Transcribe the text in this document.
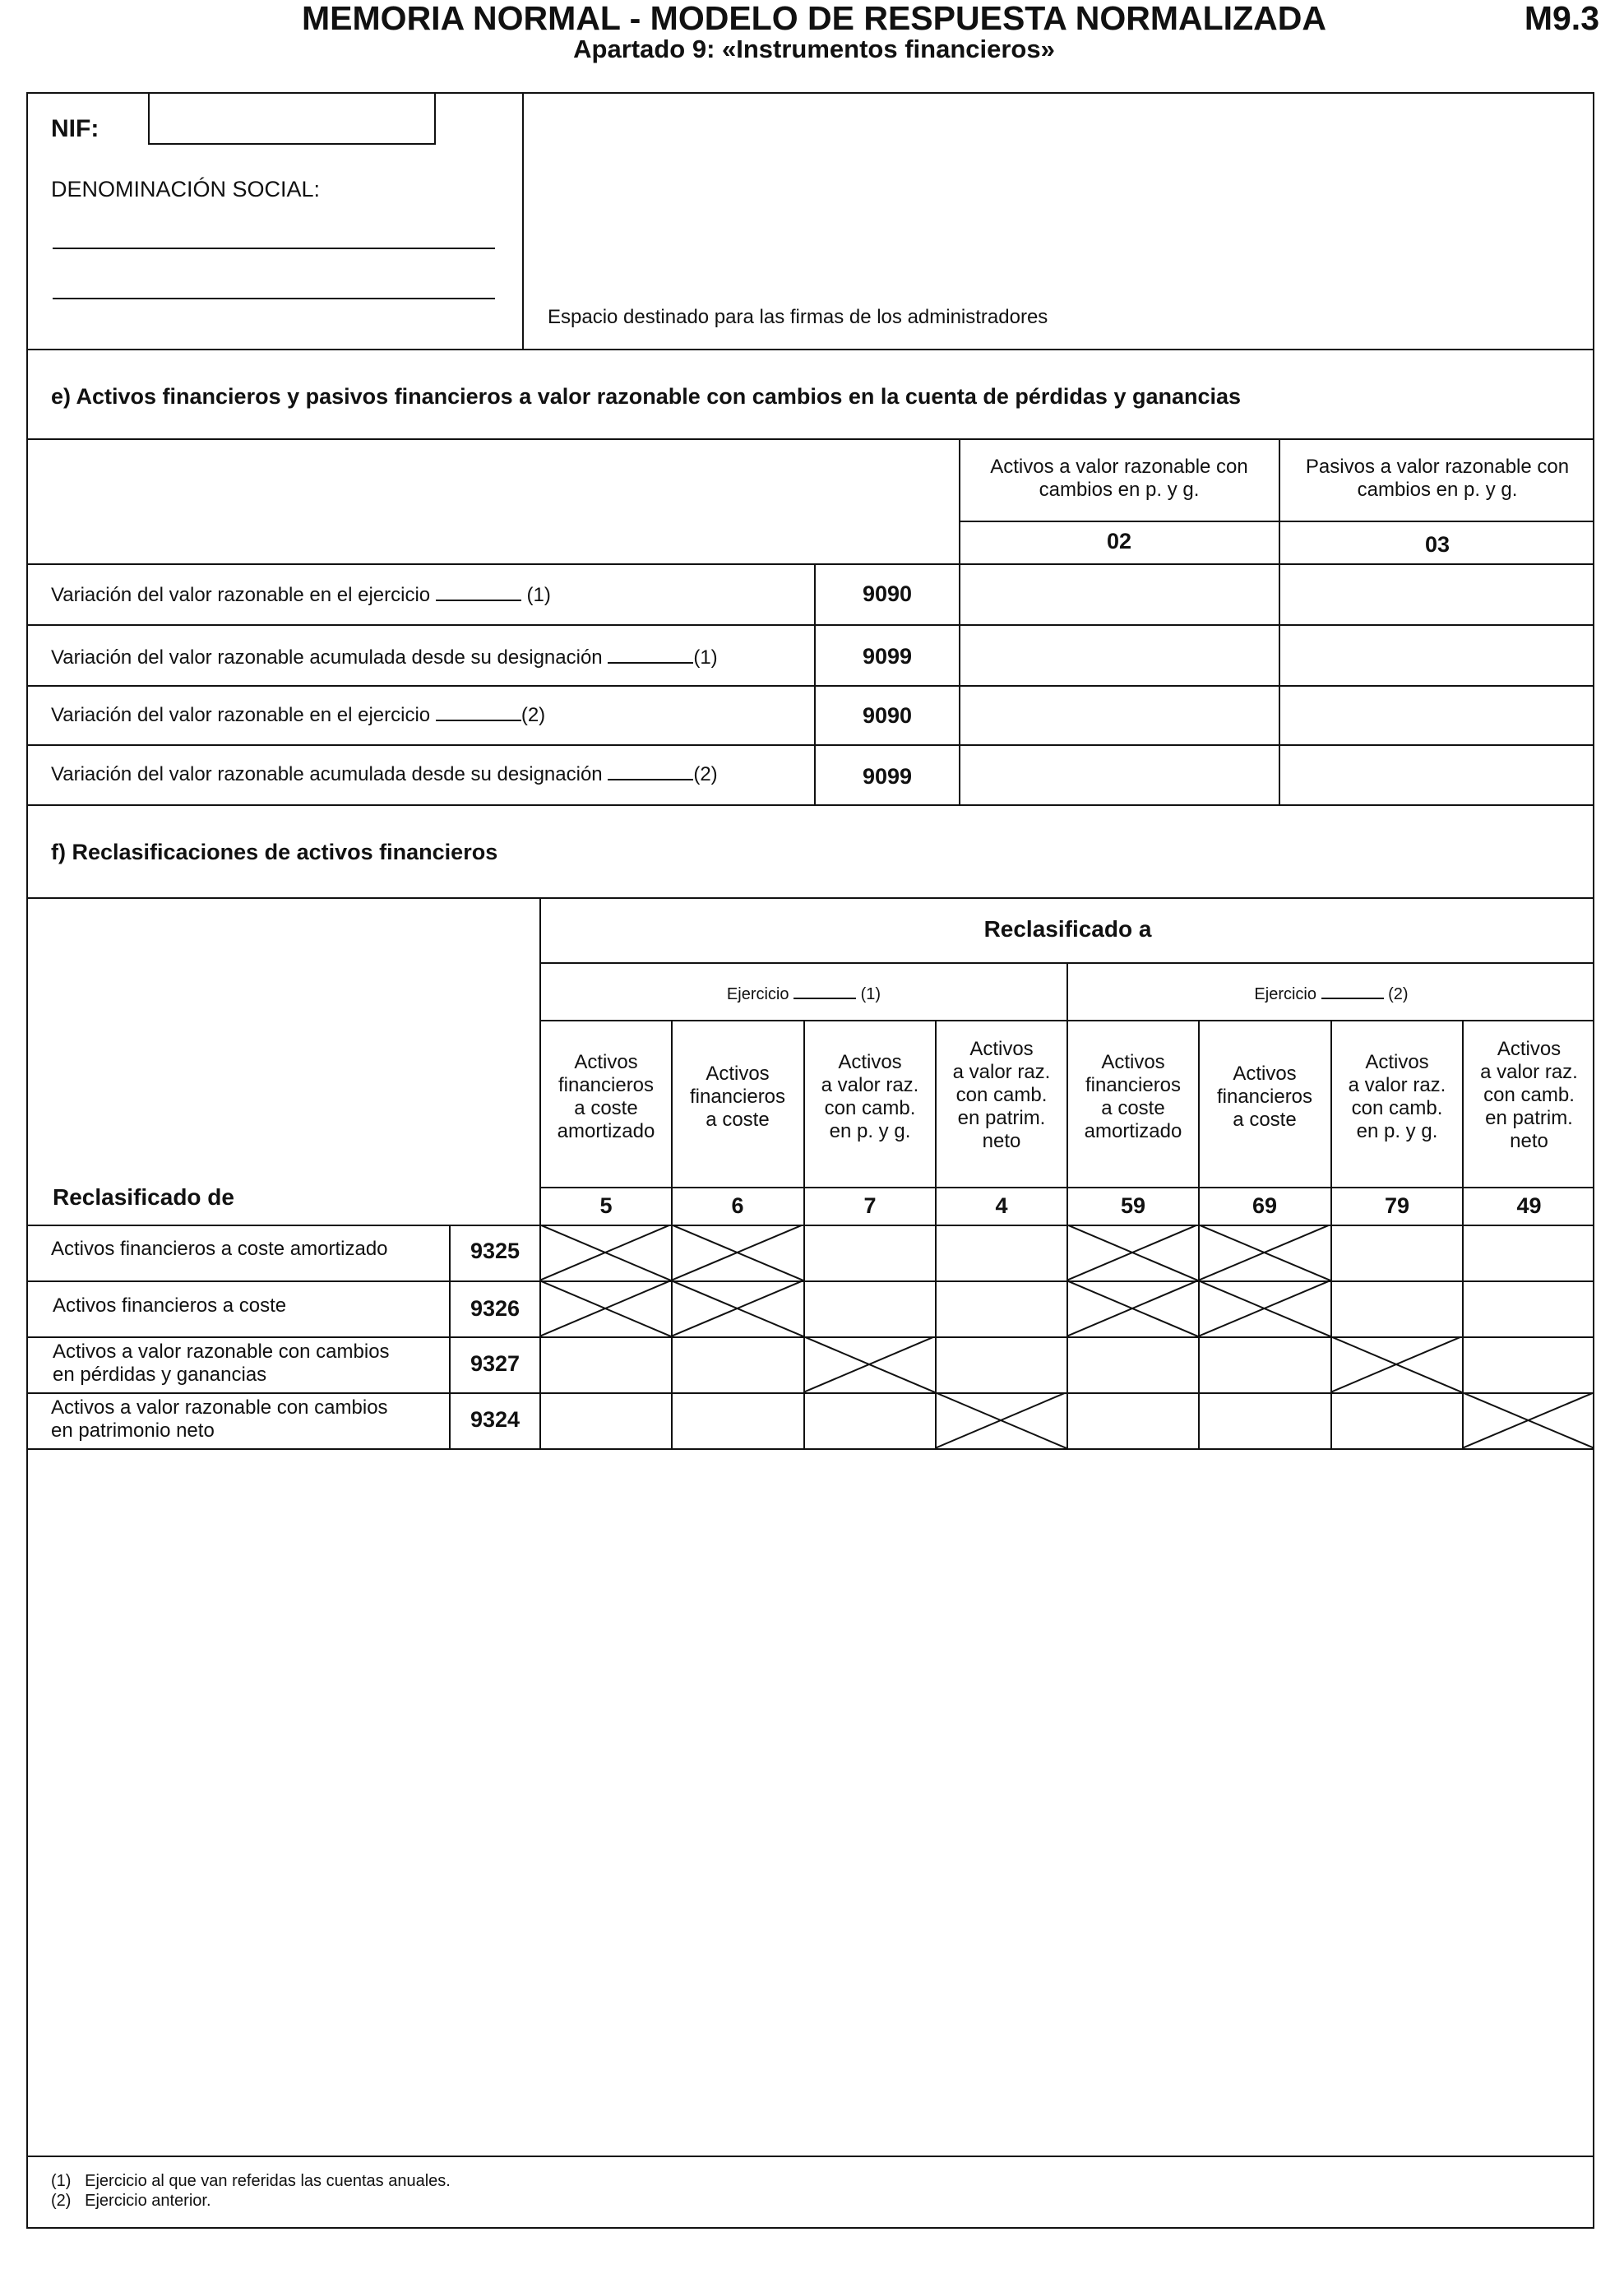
MEMORIA NORMAL - MODELO DE RESPUESTA NORMALIZADA	M9.3
Apartado 9: «Instrumentos financieros»
NIF:
DENOMINACIÓN SOCIAL:
Espacio destinado para las firmas de los administradores
e) Activos financieros y pasivos financieros a valor razonable con cambios en la cuenta de pérdidas y ganancias
Activos a valor razonable con
cambios en p. y g.
Pasivos a valor razonable con
cambios en p. y g.
02	03
Variación del valor razonable en el ejercicio	(1)	9090
Variación del valor razonable acumulada desde su designación	(1)	9099
Variación del valor razonable en el ejercicio	(2)	9090
Variación del valor razonable acumulada desde su designación	(2)	9099
f) Reclasificaciones de activos financieros
Reclasificado a
Ejercicio	(1)	Ejercicio	(2)
Activos
financieros
a coste
amortizado
Activos
financieros
a coste
Activos
a valor raz.
con camb.
en p. y g.
Activos
a valor raz.
con camb.
en patrim.
neto
Activos
financieros
a coste
amortizado
Activos
financieros
a coste
Activos
a valor raz.
con camb.
en p. y g.
Activos
a valor raz.
con camb.
en patrim.
neto
Reclasificado de	5	6	7	4	59	69	79	49
Activos financieros a coste amortizado	9325
Activos financieros a coste	9326
Activos a valor razonable con cambios
en pérdidas y ganancias	9327
Activos a valor razonable con cambios
en patrimonio neto	9324
(1) Ejercicio al que van referidas las cuentas anuales.
(2) Ejercicio anterior.
